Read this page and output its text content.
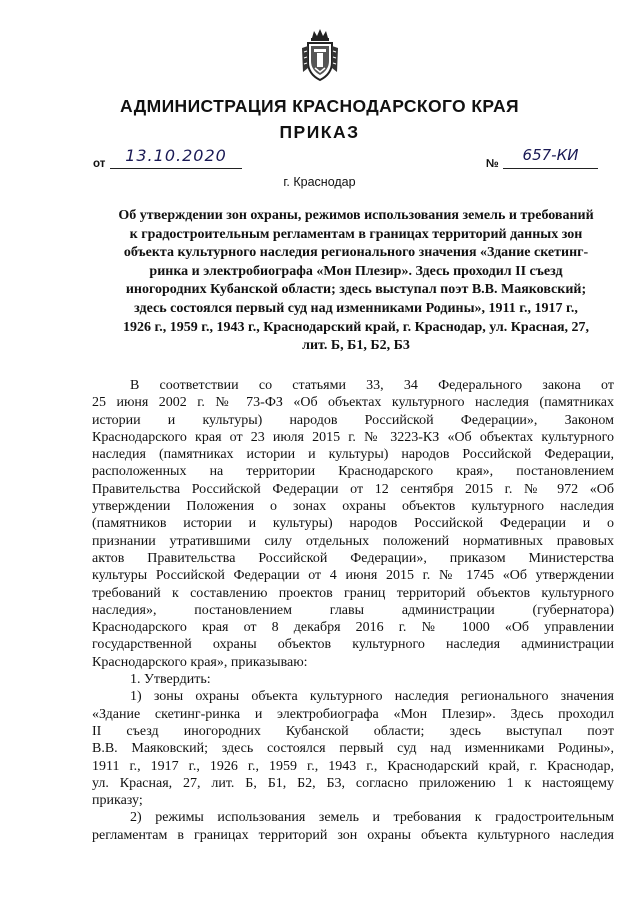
АДМИНИСТРАЦИЯ КРАСНОДАРСКОГО КРАЯ
ПРИКАЗ
от	13.10.2020	№	657-КИ
г. Краснодар
Об утверждении зон охраны, режимов использования земель и требований
к градостроительным регламентам в границах территорий данных зон
объекта культурного наследия регионального значения «Здание скетинг-
ринка и электробиографа «Мон Плезир». Здесь проходил II съезд
иногородних Кубанской области; здесь выступал поэт В.В. Маяковский;
здесь состоялся первый суд над изменниками Родины», 1911 г., 1917 г.,
1926 г., 1959 г., 1943 г., Краснодарский край, г. Краснодар, ул. Красная, 27,
лит. Б, Б1, Б2, Б3
В соответствии со статьями 33, 34 Федерального закона от
25 июня 2002 г. № 73-ФЗ «Об объектах культурного наследия (памятниках
истории и культуры) народов Российской Федерации», Законом
Краснодарского края от 23 июля 2015 г. № 3223-КЗ «Об объектах культурного
наследия (памятниках истории и культуры) народов Российской Федерации,
расположенных на территории Краснодарского края», постановлением
Правительства Российской Федерации от 12 сентября 2015 г. № 972 «Об
утверждении Положения о зонах охраны объектов культурного наследия
(памятников истории и культуры) народов Российской Федерации и о
признании утратившими силу отдельных положений нормативных правовых
актов Правительства Российской Федерации», приказом Министерства
культуры Российской Федерации от 4 июня 2015 г. № 1745 «Об утверждении
требований к составлению проектов границ территорий объектов культурного
наследия», постановлением главы администрации (губернатора)
Краснодарского края от 8 декабря 2016 г. № 1000 «Об управлении
государственной охраны объектов культурного наследия администрации
Краснодарского края», приказываю:
1. Утвердить:
1) зоны охраны объекта культурного наследия регионального значения
«Здание скетинг-ринка и электробиографа «Мон Плезир». Здесь проходил
II съезд иногородних Кубанской области; здесь выступал поэт
В.В. Маяковский; здесь состоялся первый суд над изменниками Родины»,
1911 г., 1917 г., 1926 г., 1959 г., 1943 г., Краснодарский край, г. Краснодар,
ул. Красная, 27, лит. Б, Б1, Б2, Б3, согласно приложению 1 к настоящему
приказу;
2) режимы использования земель и требования к градостроительным
регламентам в границах территорий зон охраны объекта культурного наследия
